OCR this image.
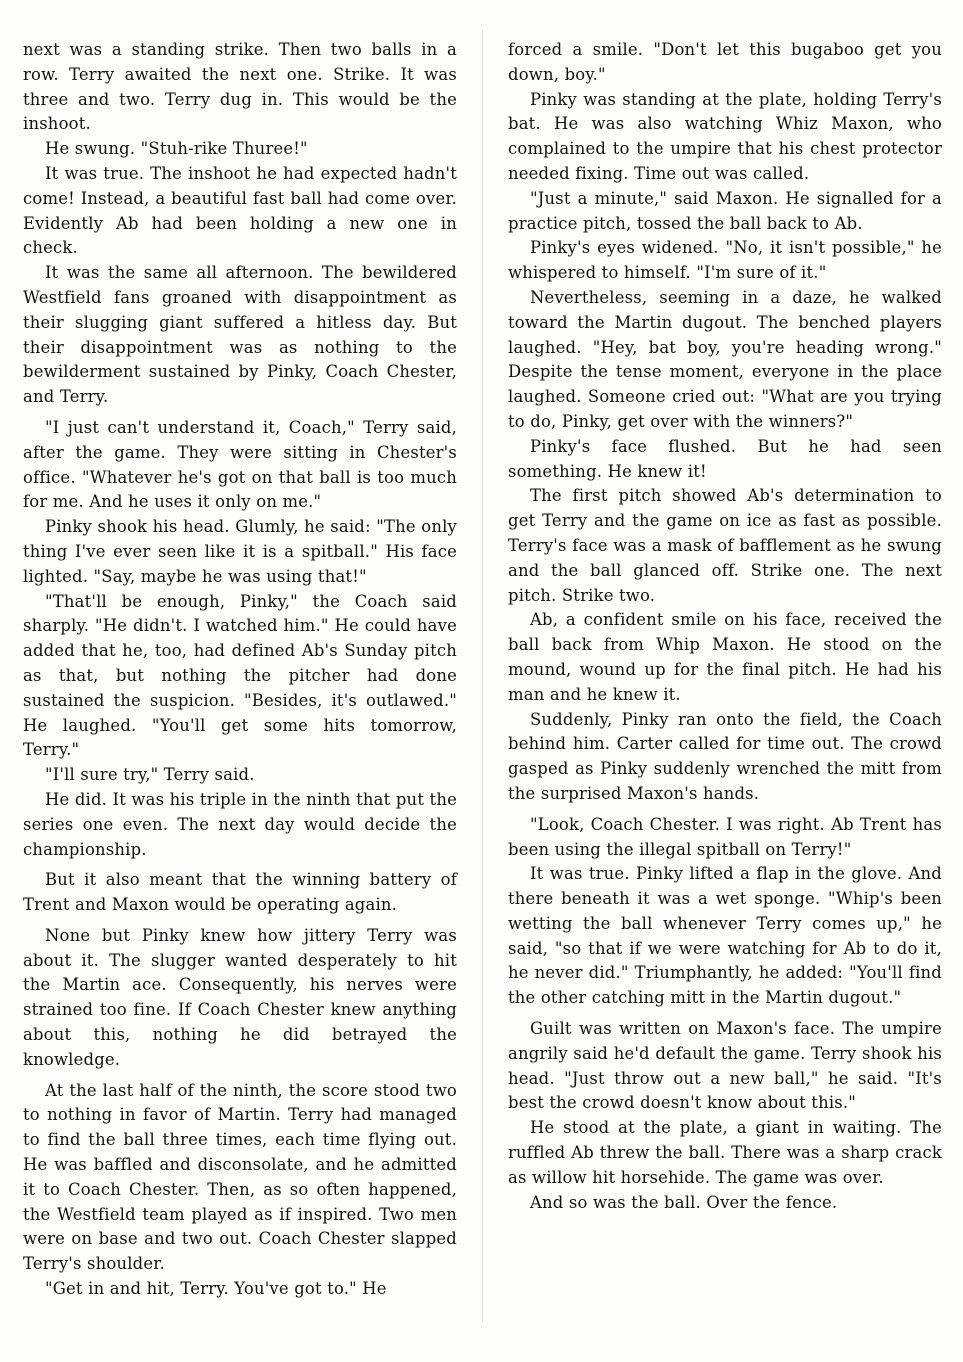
next was a standing strike. Then two balls in a row. Terry awaited the next one. Strike. It was three and two. Terry dug in. This would be the inshoot.

He swung. "Stuh-rike Thuree!"

It was true. The inshoot he had expected hadn't come! Instead, a beautiful fast ball had come over. Evidently Ab had been holding a new one in check.

It was the same all afternoon. The bewildered Westfield fans groaned with disappointment as their slugging giant suffered a hitless day. But their disappointment was as nothing to the bewilderment sustained by Pinky, Coach Chester, and Terry.

"I just can't understand it, Coach," Terry said, after the game. They were sitting in Chester's office. "Whatever he's got on that ball is too much for me. And he uses it only on me."

Pinky shook his head. Glumly, he said: "The only thing I've ever seen like it is a spitball." His face lighted. "Say, maybe he was using that!"

"That'll be enough, Pinky," the Coach said sharply. "He didn't. I watched him." He could have added that he, too, had defined Ab's Sunday pitch as that, but nothing the pitcher had done sustained the suspicion. "Besides, it's outlawed." He laughed. "You'll get some hits tomorrow, Terry."

"I'll sure try," Terry said.

He did. It was his triple in the ninth that put the series one even. The next day would decide the championship.

But it also meant that the winning battery of Trent and Maxon would be operating again.

None but Pinky knew how jittery Terry was about it. The slugger wanted desperately to hit the Martin ace. Consequently, his nerves were strained too fine. If Coach Chester knew anything about this, nothing he did betrayed the knowledge.

At the last half of the ninth, the score stood two to nothing in favor of Martin. Terry had managed to find the ball three times, each time flying out. He was baffled and disconsolate, and he admitted it to Coach Chester. Then, as so often happened, the Westfield team played as if inspired. Two men were on base and two out. Coach Chester slapped Terry's shoulder.

"Get in and hit, Terry. You've got to." He

forced a smile. "Don't let this bugaboo get you down, boy."

Pinky was standing at the plate, holding Terry's bat. He was also watching Whiz Maxon, who complained to the umpire that his chest protector needed fixing. Time out was called.

"Just a minute," said Maxon. He signalled for a practice pitch, tossed the ball back to Ab.

Pinky's eyes widened. "No, it isn't possible," he whispered to himself. "I'm sure of it."

Nevertheless, seeming in a daze, he walked toward the Martin dugout. The benched players laughed. "Hey, bat boy, you're heading wrong." Despite the tense moment, everyone in the place laughed. Someone cried out: "What are you trying to do, Pinky, get over with the winners?"

Pinky's face flushed. But he had seen something. He knew it!

The first pitch showed Ab's determination to get Terry and the game on ice as fast as possible. Terry's face was a mask of bafflement as he swung and the ball glanced off. Strike one. The next pitch. Strike two.

Ab, a confident smile on his face, received the ball back from Whip Maxon. He stood on the mound, wound up for the final pitch. He had his man and he knew it.

Suddenly, Pinky ran onto the field, the Coach behind him. Carter called for time out. The crowd gasped as Pinky suddenly wrenched the mitt from the surprised Maxon's hands.

"Look, Coach Chester. I was right. Ab Trent has been using the illegal spitball on Terry!"

It was true. Pinky lifted a flap in the glove. And there beneath it was a wet sponge. "Whip's been wetting the ball whenever Terry comes up," he said, "so that if we were watching for Ab to do it, he never did." Triumphantly, he added: "You'll find the other catching mitt in the Martin dugout."

Guilt was written on Maxon's face. The umpire angrily said he'd default the game. Terry shook his head. "Just throw out a new ball," he said. "It's best the crowd doesn't know about this."

He stood at the plate, a giant in waiting. The ruffled Ab threw the ball. There was a sharp crack as willow hit horsehide. The game was over.

And so was the ball. Over the fence.
